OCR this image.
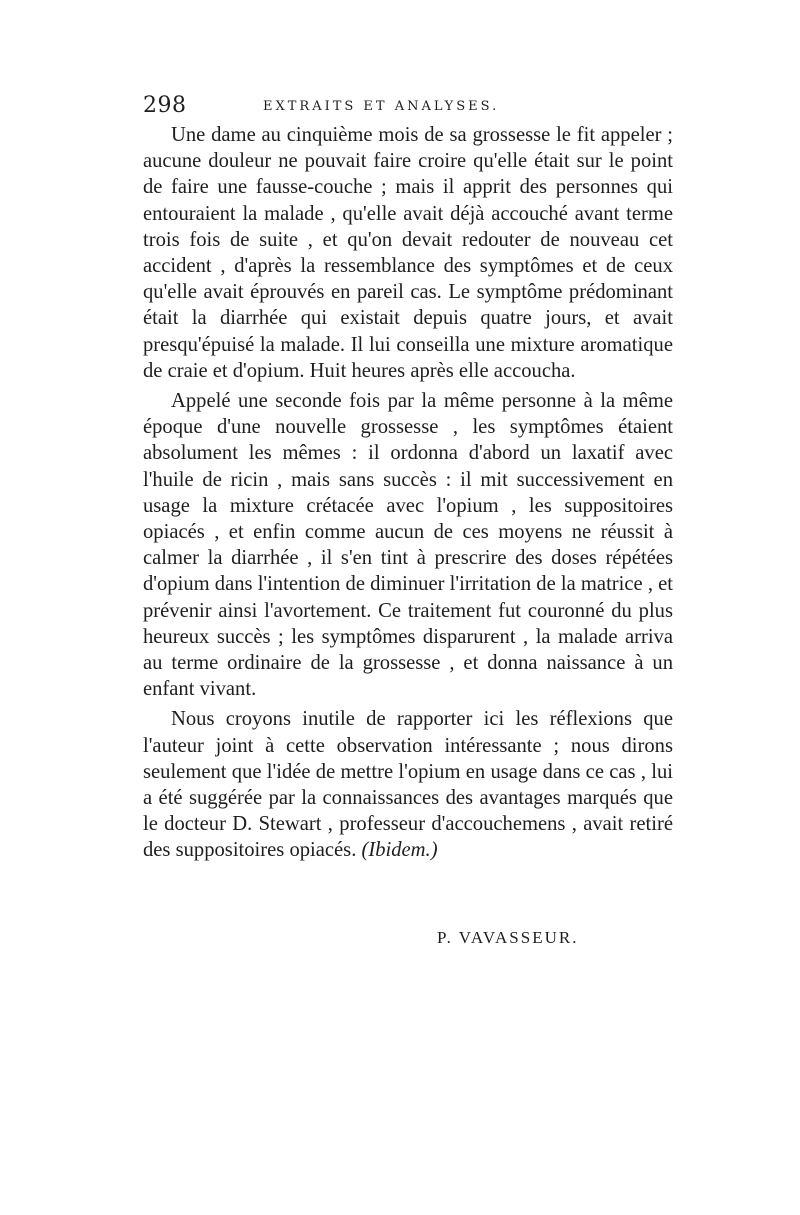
298	EXTRAITS ET ANALYSES.

Une dame au cinquième mois de sa grossesse le fit appeler ; aucune douleur ne pouvait faire croire qu'elle était sur le point de faire une fausse-couche ; mais il apprit des personnes qui entouraient la malade , qu'elle avait déjà accouché avant terme trois fois de suite , et qu'on devait redouter de nouveau cet accident , d'après la ressemblance des symptômes et de ceux qu'elle avait éprouvés en pareil cas. Le symptôme prédominant était la diarrhée qui existait depuis quatre jours, et avait presqu'épuisé la malade. Il lui conseilla une mixture aromatique de craie et d'opium. Huit heures après elle accoucha.

Appelé une seconde fois par la même personne à la même époque d'une nouvelle grossesse , les symptômes étaient absolument les mêmes : il ordonna d'abord un laxatif avec l'huile de ricin , mais sans succès : il mit successivement en usage la mixture crétacée avec l'opium , les suppositoires opiacés , et enfin comme aucun de ces moyens ne réussit à calmer la diarrhée , il s'en tint à prescrire des doses répétées d'opium dans l'intention de diminuer l'irritation de la matrice , et prévenir ainsi l'avortement. Ce traitement fut couronné du plus heureux succès ; les symptômes disparurent , la malade arriva au terme ordinaire de la grossesse , et donna naissance à un enfant vivant.

Nous croyons inutile de rapporter ici les réflexions que l'auteur joint à cette observation intéressante ; nous dirons seulement que l'idée de mettre l'opium en usage dans ce cas , lui a été suggérée par la connaissances des avantages marqués que le docteur D. Stewart , professeur d'accouchemens , avait retiré des suppositoires opiacés. (Ibidem.)

P. VAVASSEUR.
